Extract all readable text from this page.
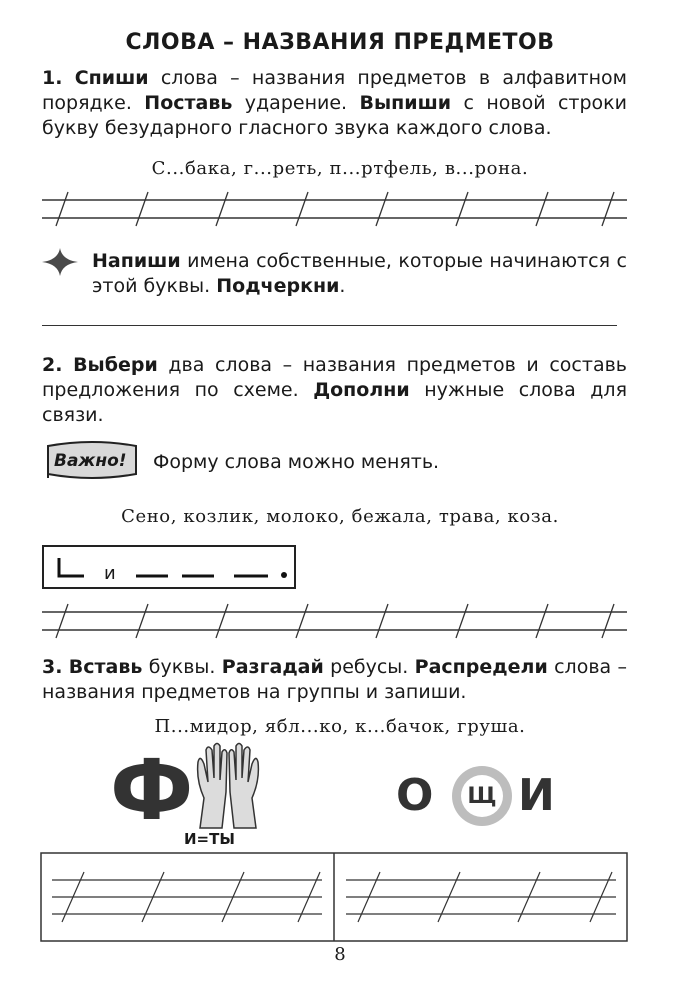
СЛОВА – НАЗВАНИЯ ПРЕДМЕТОВ
1. Спиши слова – названия предметов в алфавитном порядке. Поставь ударение. Выпиши с новой строки букву безударного гласного звука каждого слова.
С...бака, г...реть, п...ртфель, в...рона.
Напиши имена собственные, которые начинаются с этой буквы. Подчеркни.
2. Выбери два слова – названия предметов и составь предложения по схеме. Дополни нужные слова для связи.
Важно! Форму слова можно менять.
Сено, козлик, молоко, бежала, трава, коза.
и
3. Вставь буквы. Разгадай ребусы. Распредели слова – названия предметов на группы и запиши.
П...мидор, ябл...ко, к...бачок, груша.
Ф
И=ТЫ
О Щ И
8
